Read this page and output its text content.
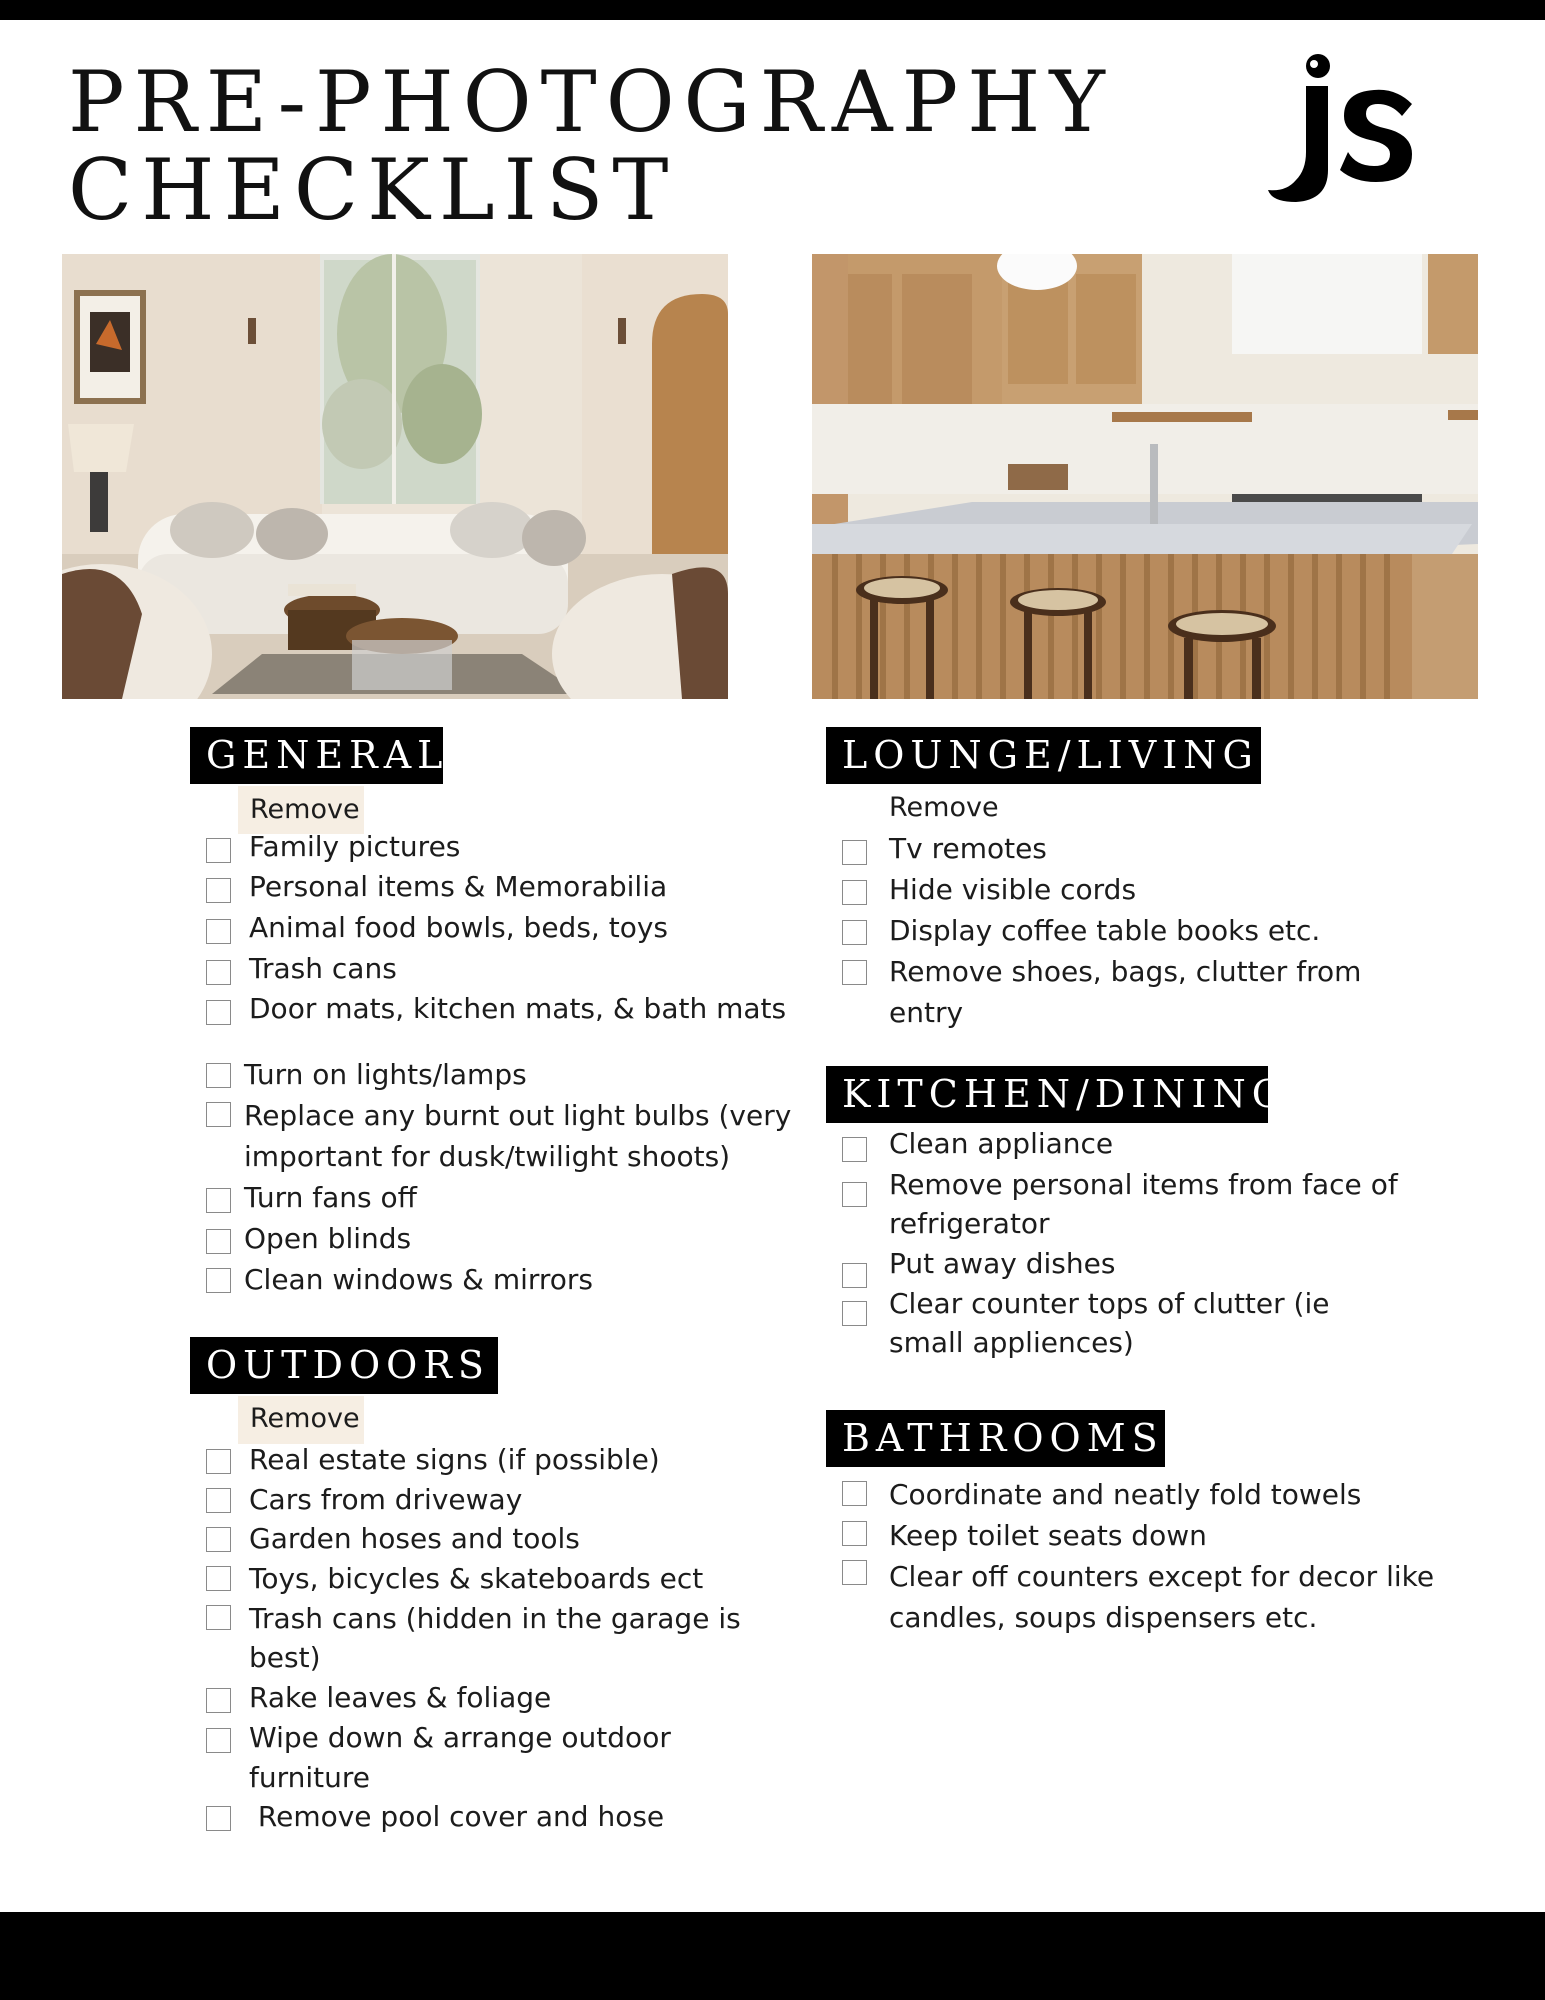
PRE-PHOTOGRAPHY
CHECKLIST
GENERAL
Remove
Family pictures
Personal items & Memorabilia
Animal food bowls, beds, toys
Trash cans
Door mats, kitchen mats, & bath mats
Turn on lights/lamps
Replace any burnt out light bulbs (very
important for dusk/twilight shoots)
Turn fans off
Open blinds
Clean windows & mirrors
OUTDOORS
Remove
Real estate signs (if possible)
Cars from driveway
Garden hoses and tools
Toys, bicycles & skateboards ect
Trash cans (hidden in the garage is
best)
Rake leaves & foliage
Wipe down & arrange outdoor
furniture
Remove pool cover and hose
LOUNGE/LIVING
Remove
Tv remotes
Hide visible cords
Display coffee table books etc.
Remove shoes, bags, clutter from
entry
KITCHEN/DINING
Clean appliance
Remove personal items from face of
refrigerator
Put away dishes
Clear counter tops of clutter (ie
small appliences)
BATHROOMS
Coordinate and neatly fold towels
Keep toilet seats down
Clear off counters except for decor like
candles, soups dispensers etc.
